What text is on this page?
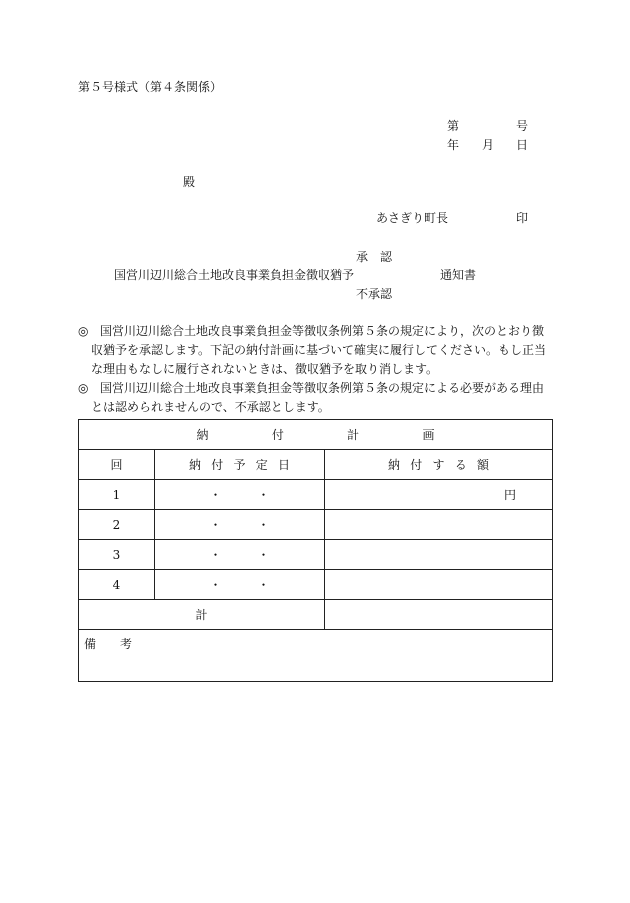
第５号様式（第４条関係）
第	号
年 月 日
殿
あさぎり町長	印
承　認
国営川辺川総合土地改良事業負担金徴収猶予	通知書
不承認
◎ 国営川辺川総合土地改良事業負担金等徴収条例第５条の規定により，次のとおり徴収猶予を承認します。下記の納付計画に基づいて確実に履行してください。もし正当な理由もなしに履行されないときは、徴収猶予を取り消します。
◎ 国営川辺川総合土地改良事業負担金等徴収条例第５条の規定による必要がある理由とは認められませんので、不承認とします。
納 付 計 画		

回	納 付 予 定 日	納 付 す る 額

1	・ ・	円
2	・ ・	

3	・ ・	

4	・ ・	

計		
備　　考		
